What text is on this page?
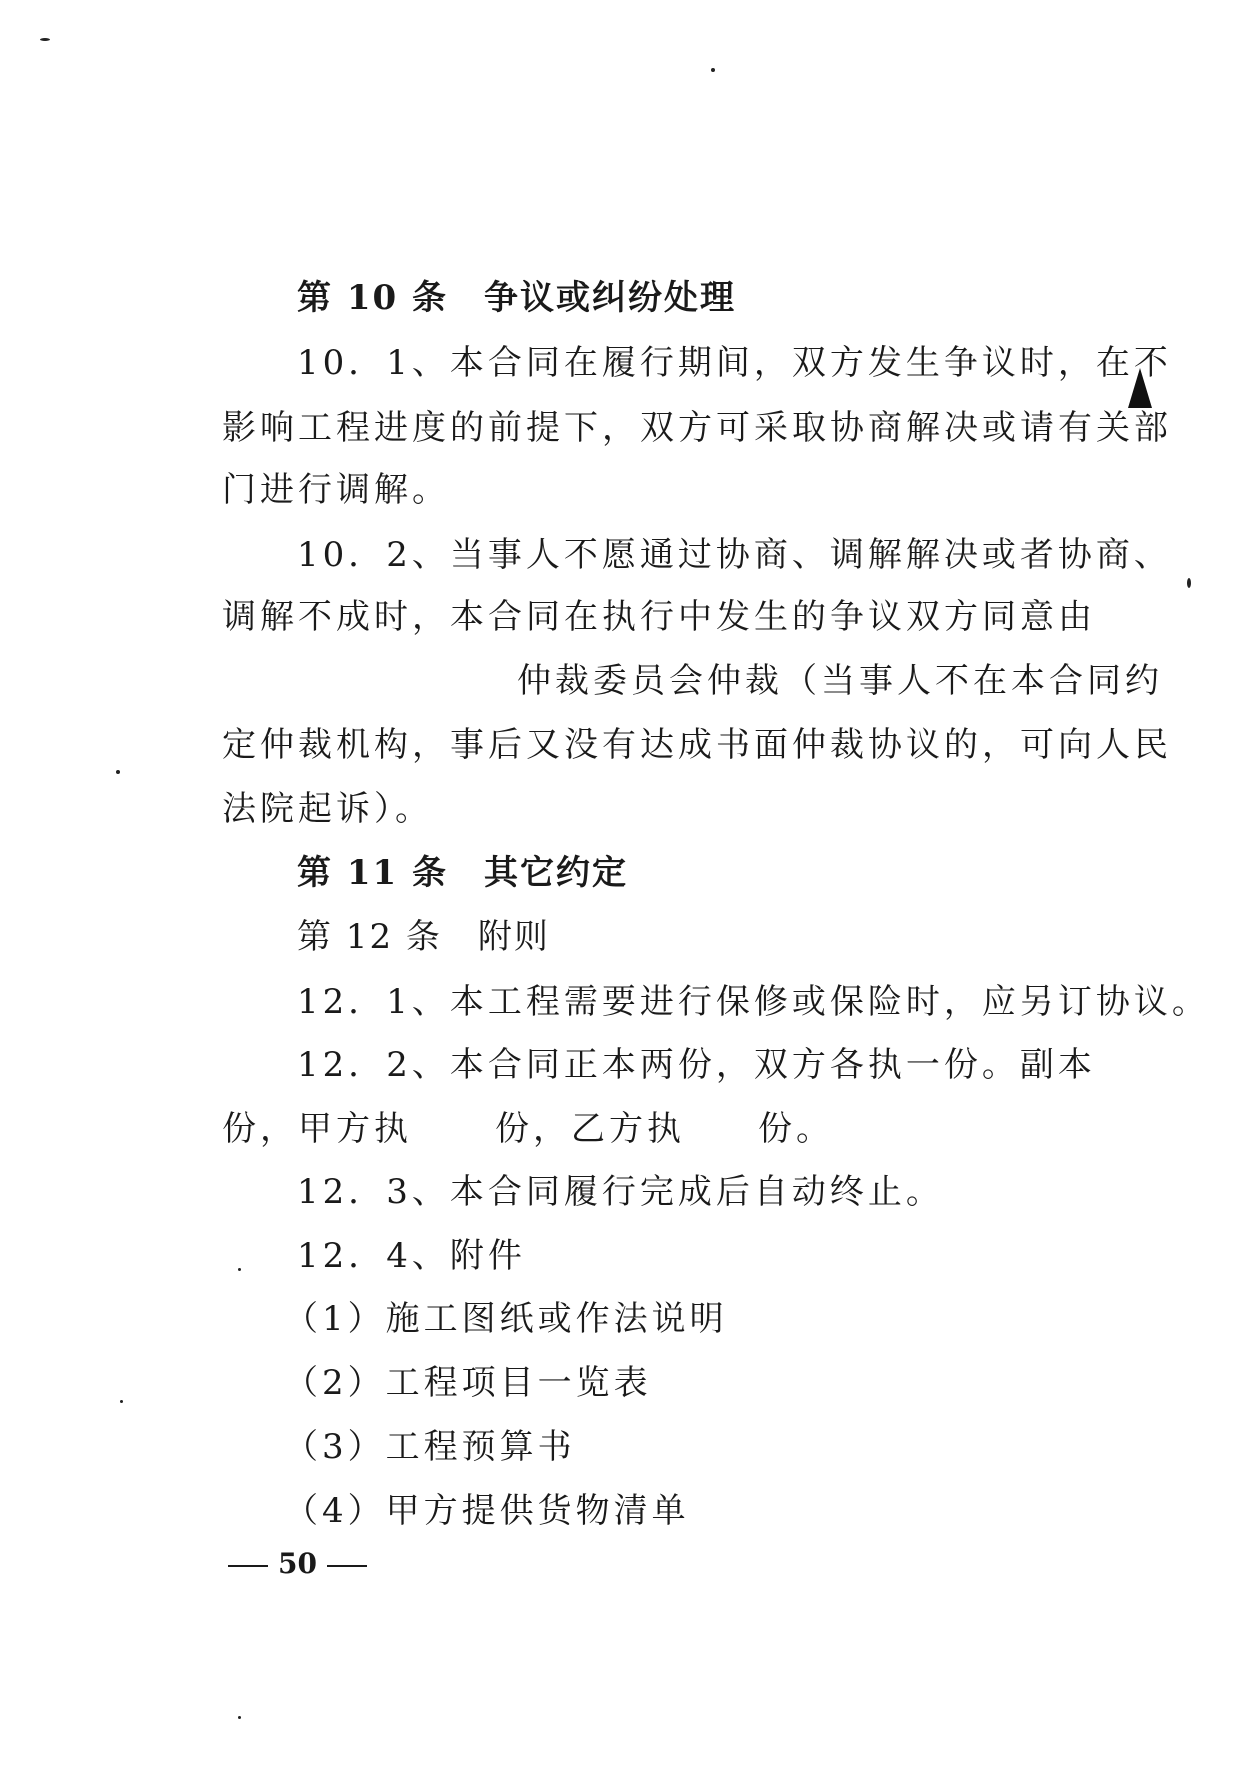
第 10 条　争议或纠纷处理
10．1、本合同在履行期间，双方发生争议时，在不
影响工程进度的前提下，双方可采取协商解决或请有关部
门进行调解。
10．2、当事人不愿通过协商、调解解决或者协商、
调解不成时，本合同在执行中发生的争议双方同意由
仲裁委员会仲裁（当事人不在本合同约
定仲裁机构，事后又没有达成书面仲裁协议的，可向人民
法院起诉）。
第 11 条　其它约定
第 12 条　附则
12．1、本工程需要进行保修或保险时，应另订协议。
12．2、本合同正本两份，双方各执一份。副本
份，甲方执 份，乙方执 份。
12．3、本合同履行完成后自动终止。
12．4、附件
（1）施工图纸或作法说明
（2）工程项目一览表
（3）工程预算书
（4）甲方提供货物清单
50
